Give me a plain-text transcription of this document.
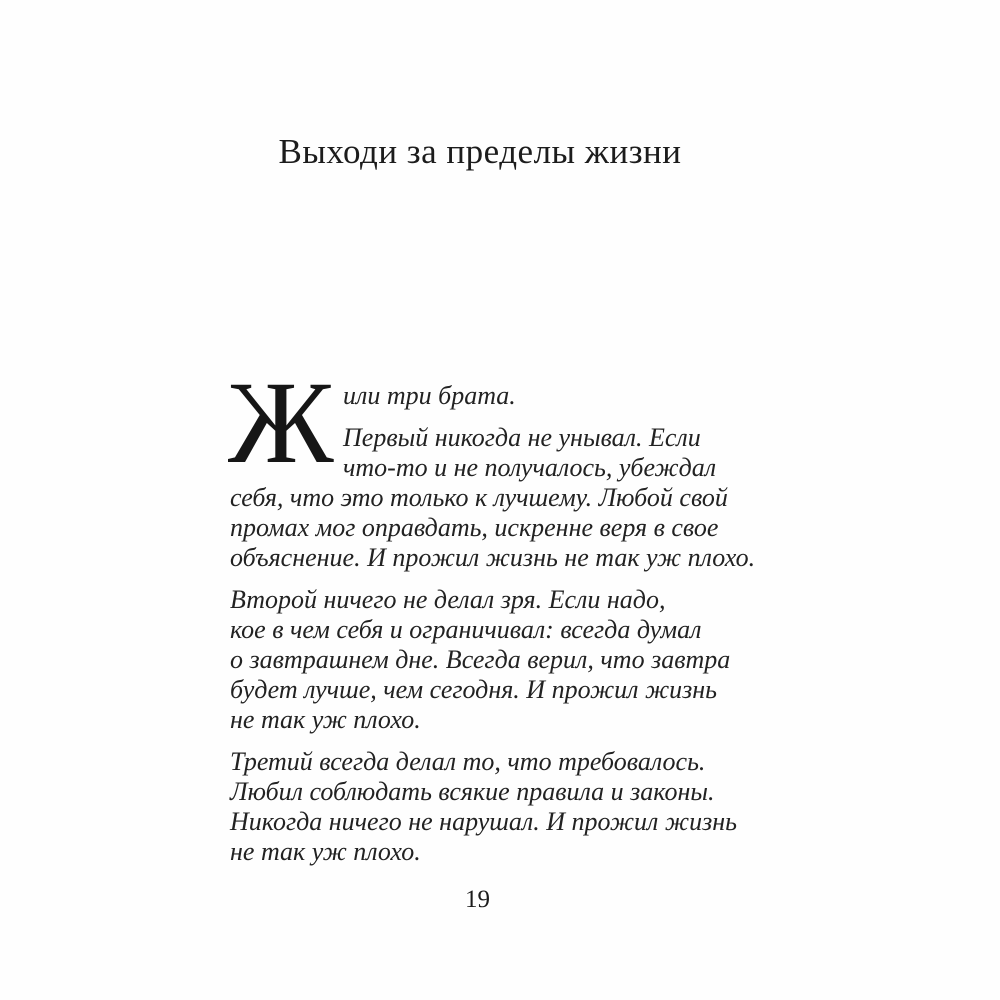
Выходи за пределы жизни
Ж или три брата.

Первый никогда не унывал. Если
что-то и не получалось, убеждал

себя, что это только к лучшему. Любой свой
промах мог оправдать, искренне веря в свое
объяснение. И прожил жизнь не так уж плохо.

Второй ничего не делал зря. Если надо,
кое в чем себя и ограничивал: всегда думал
о завтрашнем дне. Всегда верил, что завтра
будет лучше, чем сегодня. И прожил жизнь
не так уж плохо.

Третий всегда делал то, что требовалось.
Любил соблюдать всякие правила и законы.
Никогда ничего не нарушал. И прожил жизнь
не так уж плохо.

19
